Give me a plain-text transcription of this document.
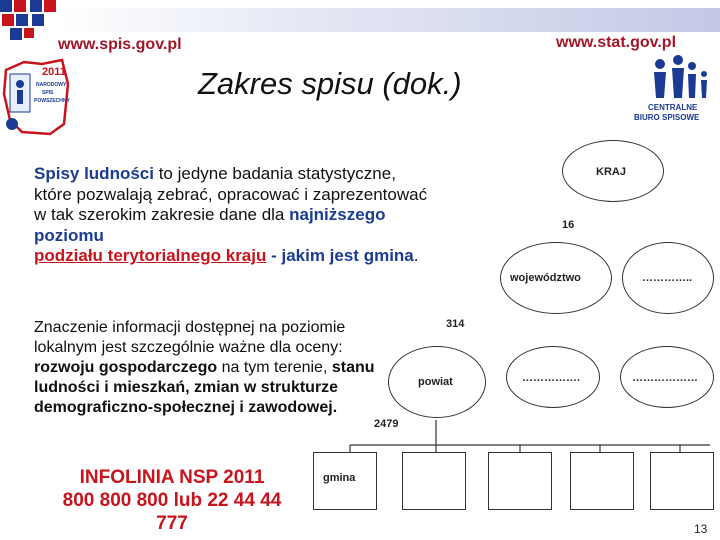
www.spis.gov.pl	www.stat.gov.pl
2011
NARODOWY
SPIS
POWSZECHNY	Zakres spisu (dok.)
CENTRALNE
BIURO SPISOWE
Spisy ludności to jedyne badania statystyczne, które pozwalają zebrać, opracować i zaprezentować w tak szerokim zakresie dane dla najniższego poziomu
podziału terytorialnego kraju - jakim jest gmina.
Znaczenie informacji dostępnej na poziomie lokalnym jest szczególnie ważne dla oceny: rozwoju gospodarczego na tym terenie, stanu ludności i mieszkań, zmian w strukturze demograficzno-społecznej i zawodowej.
INFOLINIA NSP 2011
800 800 800 lub 22 44 44
777
KRAJ
16
województwo	…………..
314
powiat	…………….	………………
2479
gmina
13
